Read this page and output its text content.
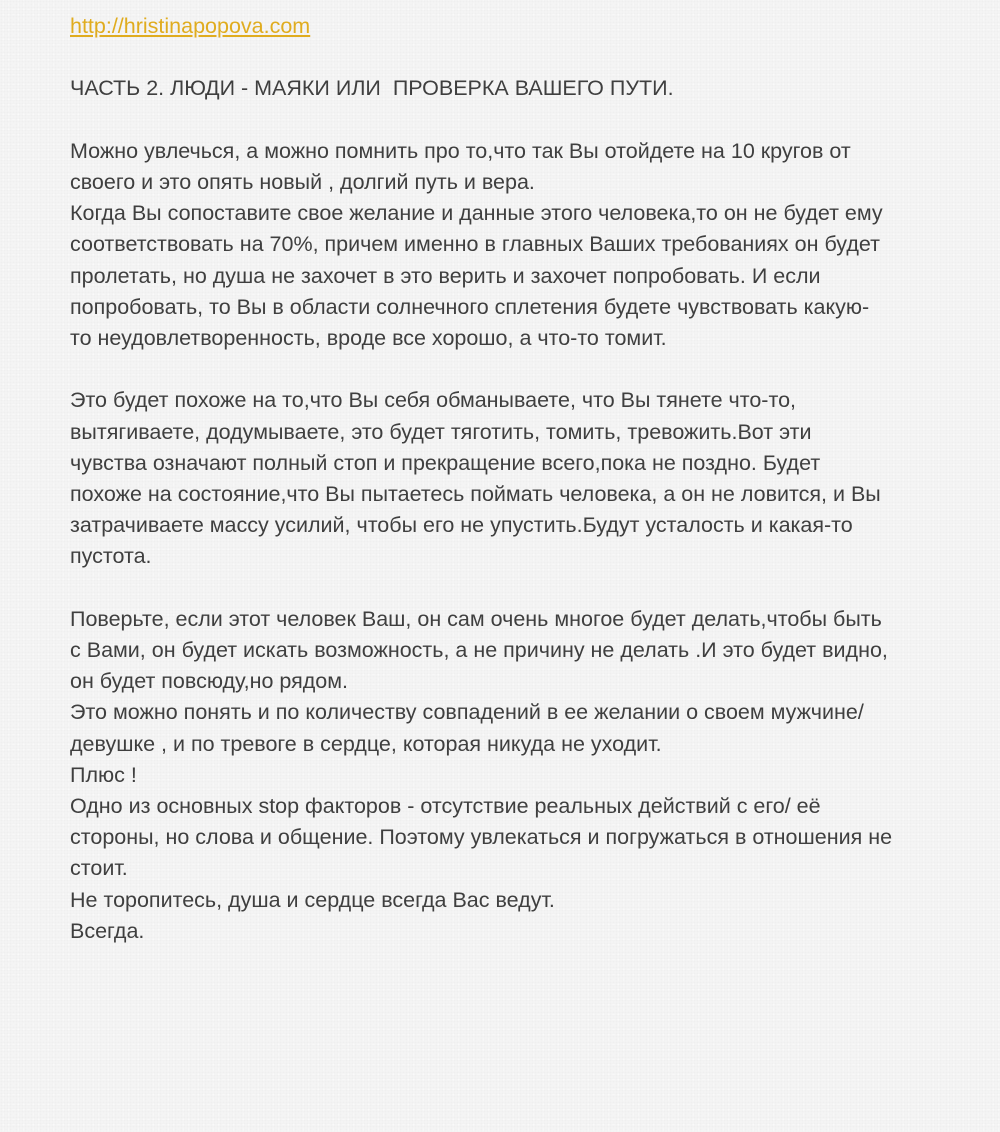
http://hristinapopova.com
ЧАСТЬ 2. ЛЮДИ - МАЯКИ ИЛИ  ПРОВЕРКА ВАШЕГО ПУТИ.
Можно увлечься, а можно помнить про то,что так Вы отойдете на 10 кругов от
своего и это опять новый , долгий путь и вера.
Когда Вы сопоставите свое желание и данные этого человека,то он не будет ему
соответствовать на 70%, причем именно в главных Ваших требованиях он будет
пролетать, но душа не захочет в это верить и захочет попробовать. И если
попробовать, то Вы в области солнечного сплетения будете чувствовать какую-
то неудовлетворенность, вроде все хорошо, а что-то томит.
Это будет похоже на то,что Вы себя обманываете, что Вы тянете что-то,
вытягиваете, додумываете, это будет тяготить, томить, тревожить.Вот эти
чувства означают полный стоп и прекращение всего,пока не поздно. Будет
похоже на состояние,что Вы пытаетесь поймать человека, а он не ловится, и Вы
затрачиваете массу усилий, чтобы его не упустить.Будут усталость и какая-то
пустота.
Поверьте, если этот человек Ваш, он сам очень многое будет делать,чтобы быть
с Вами, он будет искать возможность, а не причину не делать .И это будет видно,
он будет повсюду,но рядом.
Это можно понять и по количеству совпадений в ее желании о своем мужчине/
девушке , и по тревоге в сердце, которая никуда не уходит.
Плюс !
Одно из основных stop факторов - отсутствие реальных действий с его/ её
стороны, но слова и общение. Поэтому увлекаться и погружаться в отношения не
стоит.
Не торопитесь, душа и сердце всегда Вас ведут.
Всегда.
